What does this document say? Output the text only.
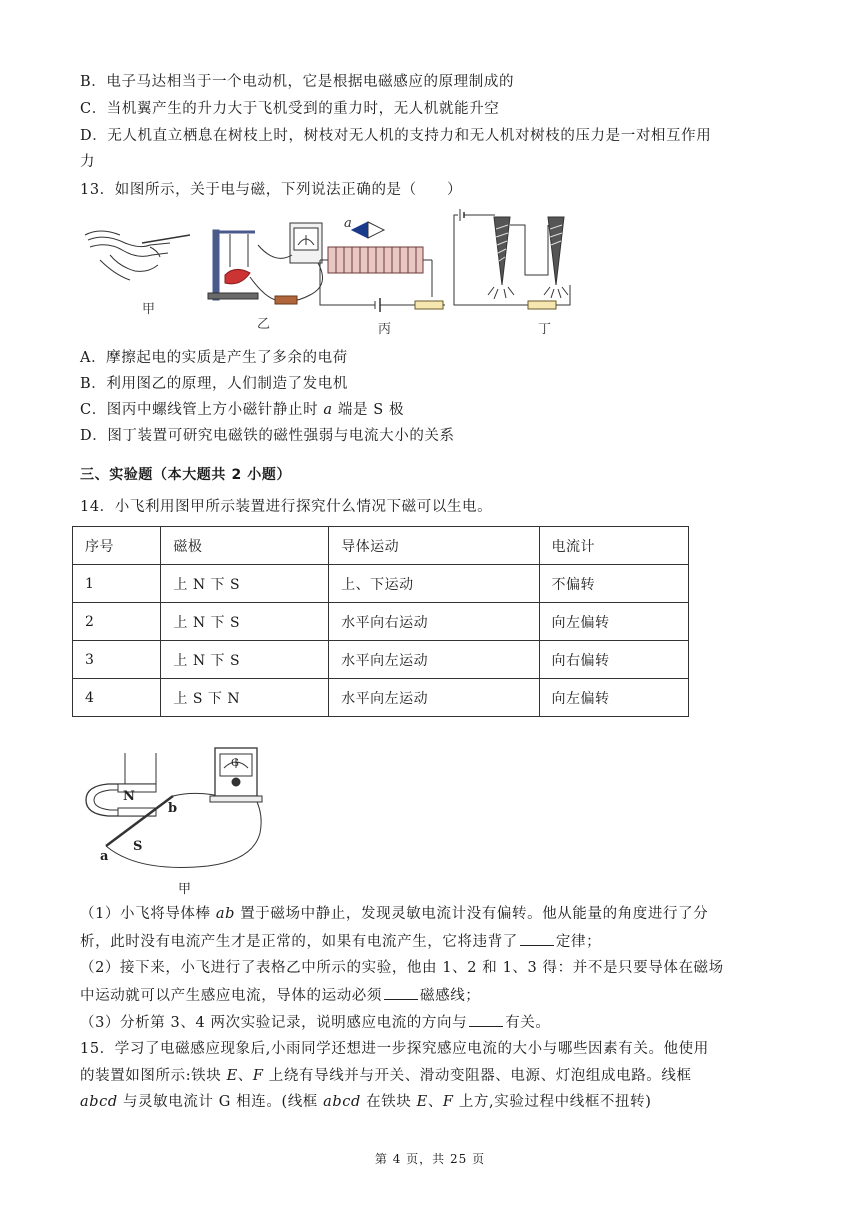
B．电子马达相当于一个电动机，它是根据电磁感应的原理制成的
C．当机翼产生的升力大于飞机受到的重力时，无人机就能升空
D．无人机直立栖息在树枝上时，树枝对无人机的支持力和无人机对树枝的压力是一对相互作用
力
13．如图所示，关于电与磁，下列说法正确的是（　　）
甲
乙
a
丙	丁
A．摩擦起电的实质是产生了多余的电荷
B．利用图乙的原理，人们制造了发电机
C．图丙中螺线管上方小磁针静止时 a 端是 S 极
D．图丁装置可研究电磁铁的磁性强弱与电流大小的关系
三、实验题（本大题共 2 小题）
14．小飞利用图甲所示装置进行探究什么情况下磁可以生电。
序号	磁极	导体运动	电流计
1	上 N 下 S	上、下运动	不偏转
2	上 N 下 S	水平向右运动	向左偏转
3	上 N 下 S	水平向左运动	向右偏转
4	上 S 下 N	水平向左运动	向左偏转
N
S
a
b
G
甲
（1）小飞将导体棒 ab 置于磁场中静止，发现灵敏电流计没有偏转。他从能量的角度进行了分
析，此时没有电流产生才是正常的，如果有电流产生，它将违背了	定律；
（2）接下来，小飞进行了表格乙中所示的实验，他由 1、2 和 1、3 得：并不是只要导体在磁场
中运动就可以产生感应电流，导体的运动必须	磁感线；
（3）分析第 3、4 两次实验记录，说明感应电流的方向与	有关。
15．学习了电磁感应现象后,小雨同学还想进一步探究感应电流的大小与哪些因素有关。他使用
的装置如图所示:铁块 E、F 上绕有导线并与开关、滑动变阻器、电源、灯泡组成电路。线框
abcd 与灵敏电流计 G 相连。(线框 abcd 在铁块 E、F 上方,实验过程中线框不扭转)
第 4 页，共 25 页
